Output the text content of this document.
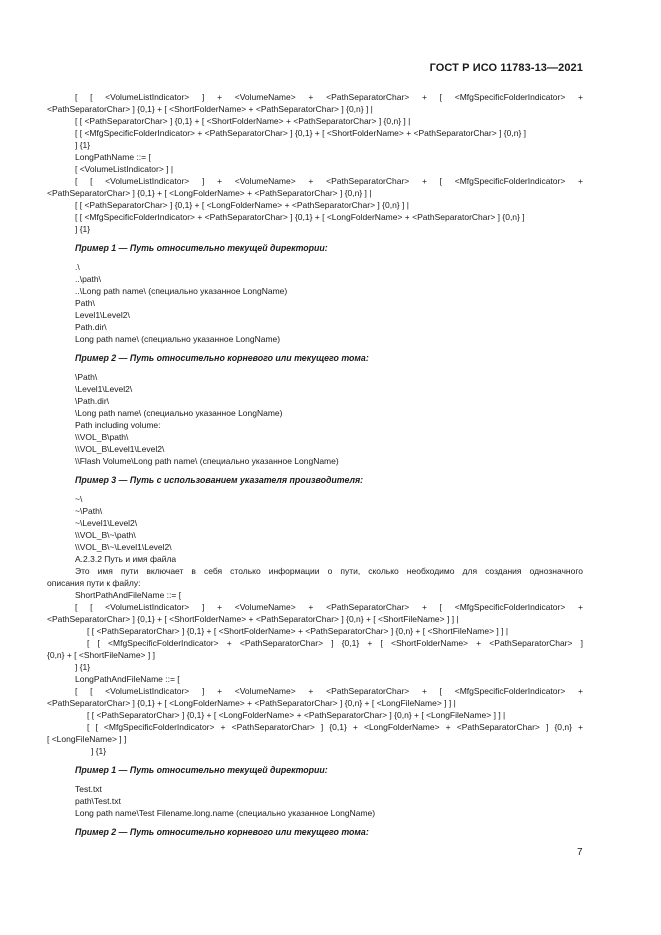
ГОСТ Р ИСО 11783-13—2021
[ [ <VolumeListIndicator> ] + <VolumeName> + <PathSeparatorChar> + [ <MfgSpecificFolderIndicator> +
<PathSeparatorChar> ] {0,1} + [ <ShortFolderName> + <PathSeparatorChar> ] {0,n} ] |
[ [ <PathSeparatorChar> ] {0,1} + [ <ShortFolderName> + <PathSeparatorChar> ] {0,n} ] |
[ [ <MfgSpecificFolderIndicator> + <PathSeparatorChar> ] {0,1} + [ <ShortFolderName> + <PathSeparatorChar> ] {0,n} ]
] {1}
LongPathName ::= [
[ <VolumeListIndicator> ] |
[ [ <VolumeListIndicator> ] + <VolumeName> + <PathSeparatorChar> + [ <MfgSpecificFolderIndicator> +
<PathSeparatorChar> ] {0,1} + [ <LongFolderName> + <PathSeparatorChar> ] {0,n} ] |
[ [ <PathSeparatorChar> ] {0,1} + [ <LongFolderName> + <PathSeparatorChar> ] {0,n} ] |
[ [ <MfgSpecificFolderIndicator> + <PathSeparatorChar> ] {0,1} + [ <LongFolderName> + <PathSeparatorChar> ] {0,n} ]
] {1}
Пример 1 — Путь относительно текущей директории:
.\
..\path\
..\Long path name\ (специально указанное LongName)
Path\
Level1\Level2\
Path.dir\
Long path name\ (специально указанное LongName)
Пример 2 — Путь относительно корневого или текущего тома:
\Path\
\Level1\Level2\
\Path.dir\
\Long path name\ (специально указанное LongName)
Path including volume:
\\VOL_B\path\
\\VOL_B\Level1\Level2\
\\Flash Volume\Long path name\ (специально указанное LongName)
Пример 3 — Путь с использованием указателя производителя:
~\
~\Path\
~\Level1\Level2\
\\VOL_B\~\path\
\\VOL_B\~\Level1\Level2\
A.2.3.2 Путь и имя файла
Это имя пути включает в себя столько информации о пути, сколько необходимо для создания однозначного
описания пути к файлу:
ShortPathAndFileName ::= [
[ [ <VolumeListIndicator> ] + <VolumeName> + <PathSeparatorChar> + [ <MfgSpecificFolderIndicator> +
<PathSeparatorChar> ] {0,1} + [ <ShortFolderName> + <PathSeparatorChar> ] {0,n} + [ <ShortFileName> ] ] |
[ [ <PathSeparatorChar> ] {0,1} + [ <ShortFolderName> + <PathSeparatorChar> ] {0,n} + [ <ShortFileName> ] ] |
[ [ <MfgSpecificFolderIndicator> + <PathSeparatorChar> ] {0,1} + [ <ShortFolderName> + <PathSeparatorChar> ]
{0,n} + [ <ShortFileName> ] ]
] {1}
LongPathAndFileName ::= [
[ [ <VolumeListIndicator> ] + <VolumeName> + <PathSeparatorChar> + [ <MfgSpecificFolderIndicator> +
<PathSeparatorChar> ] {0,1} + [ <LongFolderName> + <PathSeparatorChar> ] {0,n} + [ <LongFileName> ] ] |
[ [ <PathSeparatorChar> ] {0,1} + [ <LongFolderName> + <PathSeparatorChar> ] {0,n} + [ <LongFileName> ] ] |
[ [ <MfgSpecificFolderIndicator> + <PathSeparatorChar> ] {0,1} + <LongFolderName> + <PathSeparatorChar> ] {0,n} +
[ <LongFileName> ] ]
] {1}
Пример 1 — Путь относительно текущей директории:
Test.txt
path\Test.txt
Long path name\Test Filename.long.name (специально указанное LongName)
Пример 2 — Путь относительно корневого или текущего тома:
7
